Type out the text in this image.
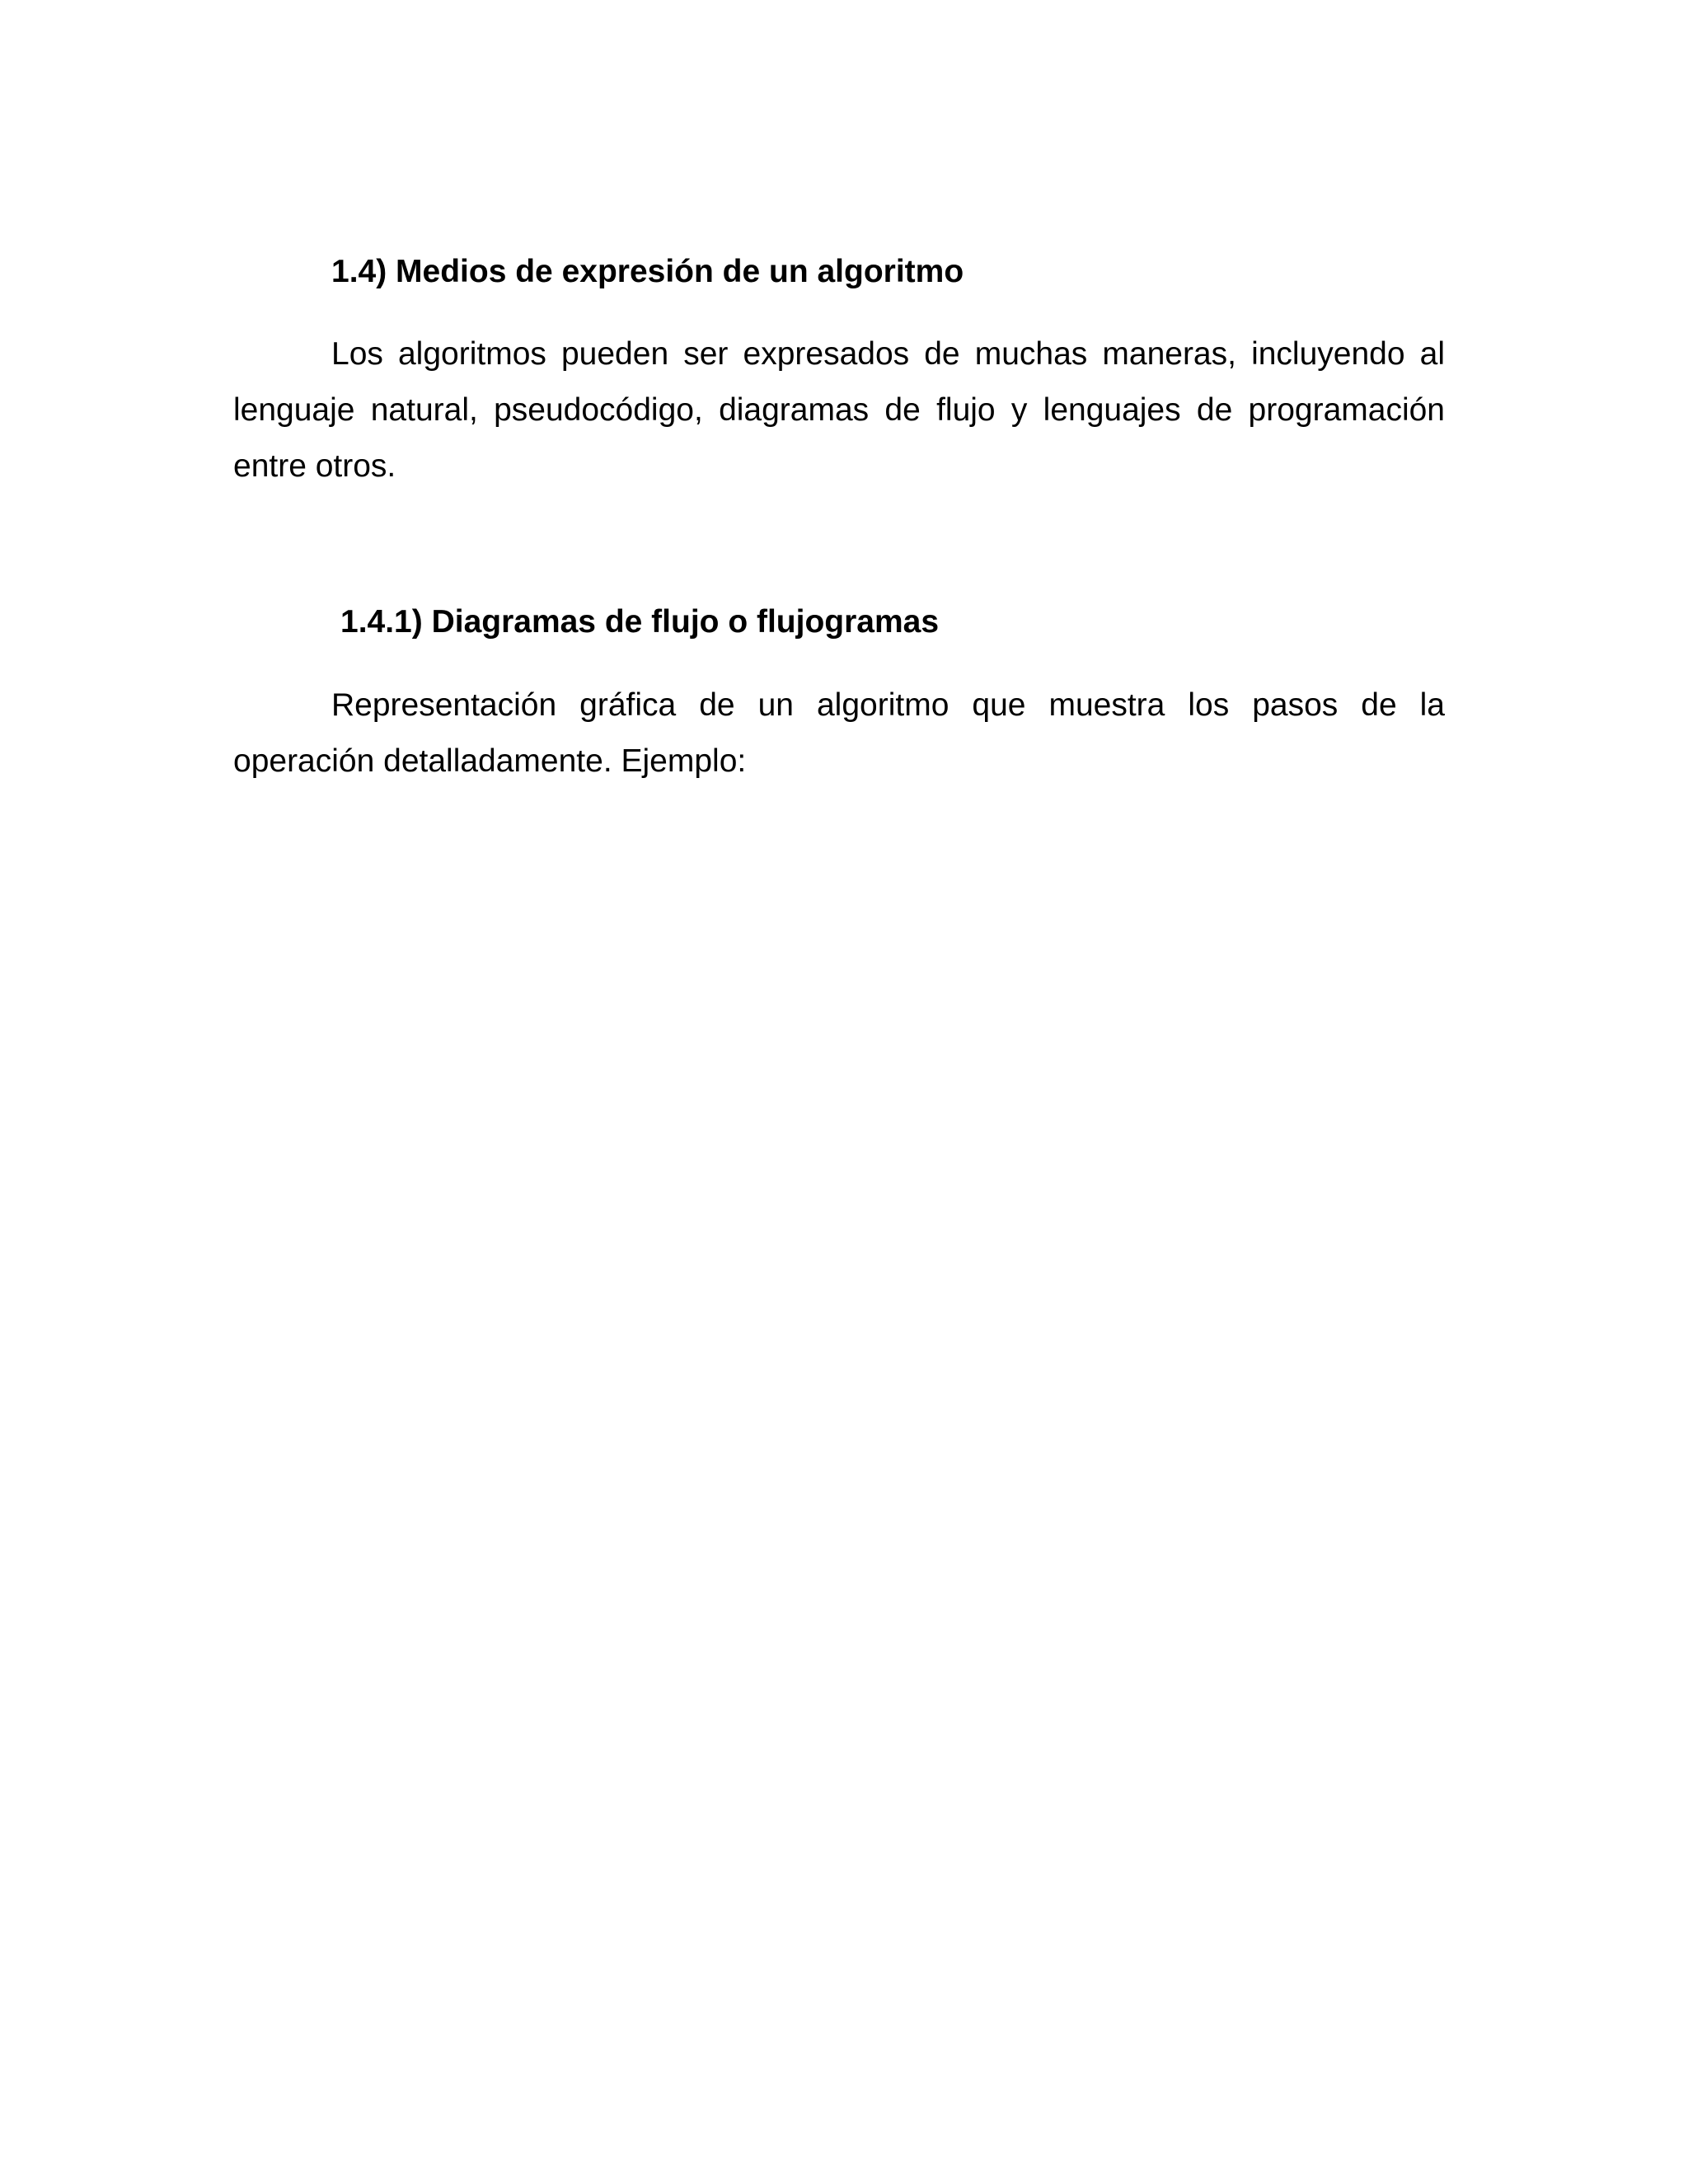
1.4) Medios de expresión de un algoritmo

Los algoritmos pueden ser expresados de muchas maneras, incluyendo al lenguaje natural, pseudocódigo, diagramas de flujo y lenguajes de programación entre otros.

1.4.1) Diagramas de flujo o flujogramas

Representación gráfica de un algoritmo que muestra los pasos de la operación detalladamente. Ejemplo:
